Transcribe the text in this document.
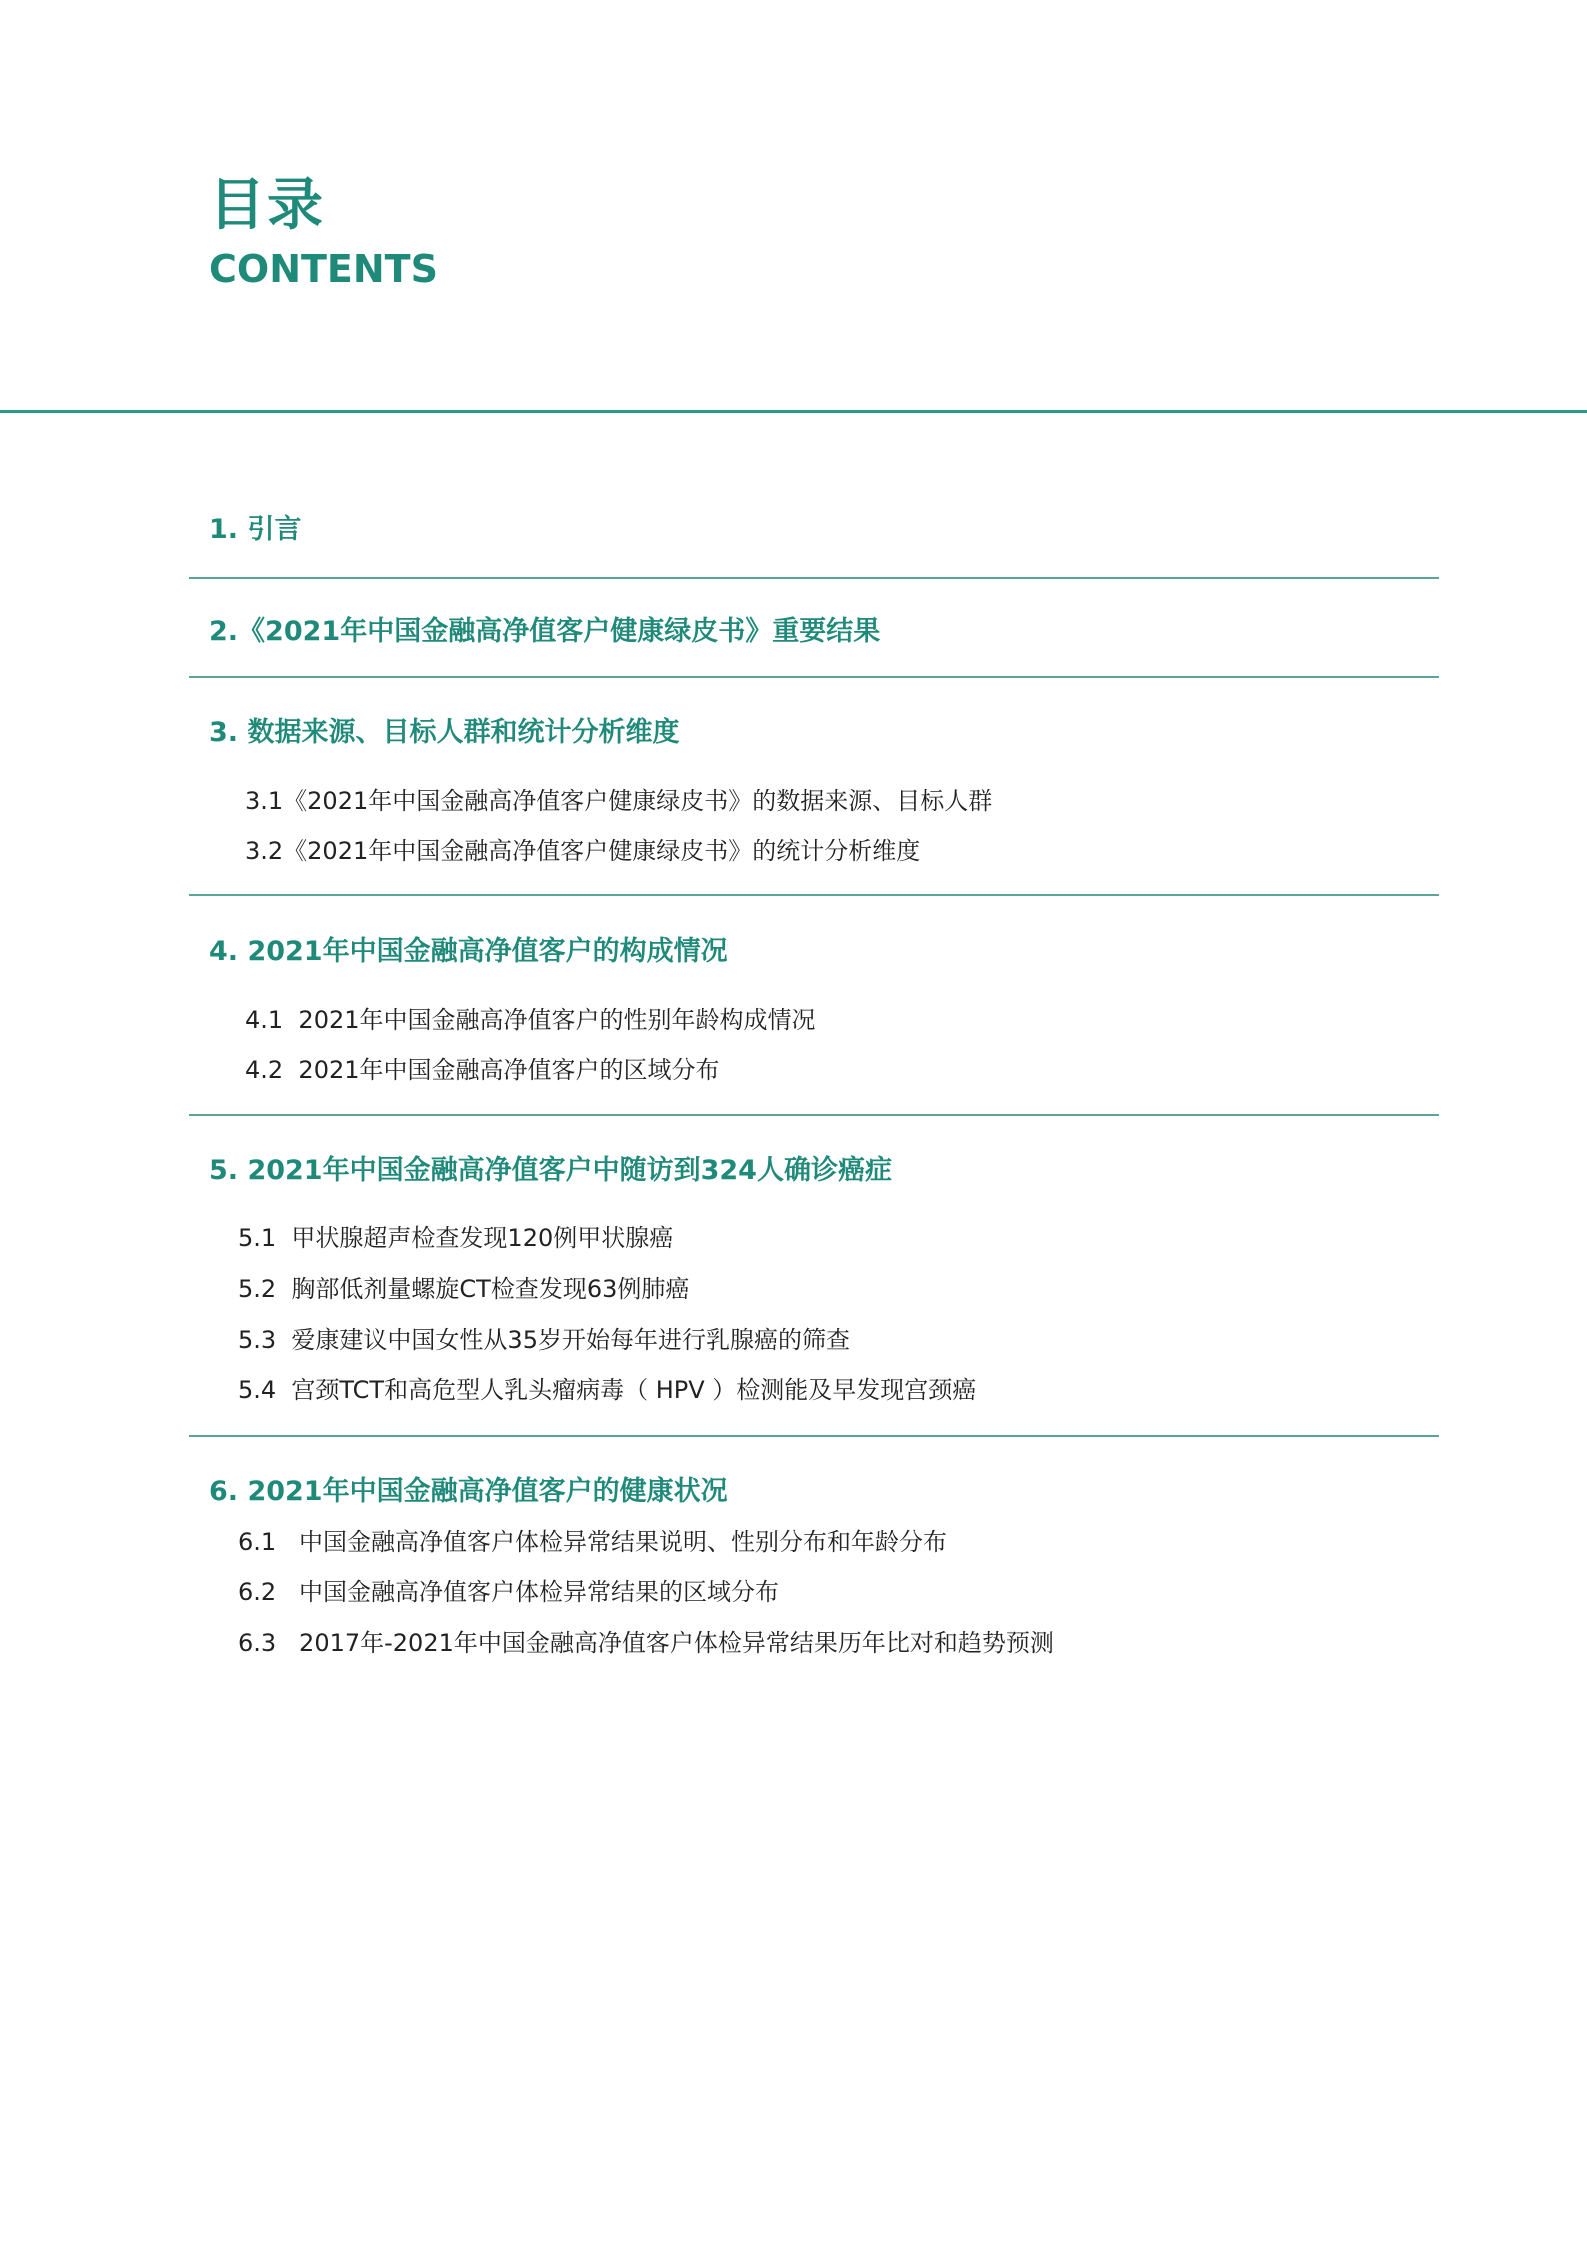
目录
CONTENTS
1. 引言
2.《2021年中国金融高净值客户健康绿皮书》重要结果
3. 数据来源、目标人群和统计分析维度
3.1《2021年中国金融高净值客户健康绿皮书》的数据来源、目标人群
3.2《2021年中国金融高净值客户健康绿皮书》的统计分析维度
4. 2021年中国金融高净值客户的构成情况
4.1  2021年中国金融高净值客户的性别年龄构成情况
4.2  2021年中国金融高净值客户的区域分布
5. 2021年中国金融高净值客户中随访到324人确诊癌症
5.1  甲状腺超声检查发现120例甲状腺癌
5.2  胸部低剂量螺旋CT检查发现63例肺癌
5.3  爱康建议中国女性从35岁开始每年进行乳腺癌的筛查
5.4  宫颈TCT和高危型人乳头瘤病毒（ HPV ）检测能及早发现宫颈癌
6. 2021年中国金融高净值客户的健康状况
6.1   中国金融高净值客户体检异常结果说明、性别分布和年龄分布
6.2   中国金融高净值客户体检异常结果的区域分布
6.3   2017年-2021年中国金融高净值客户体检异常结果历年比对和趋势预测
